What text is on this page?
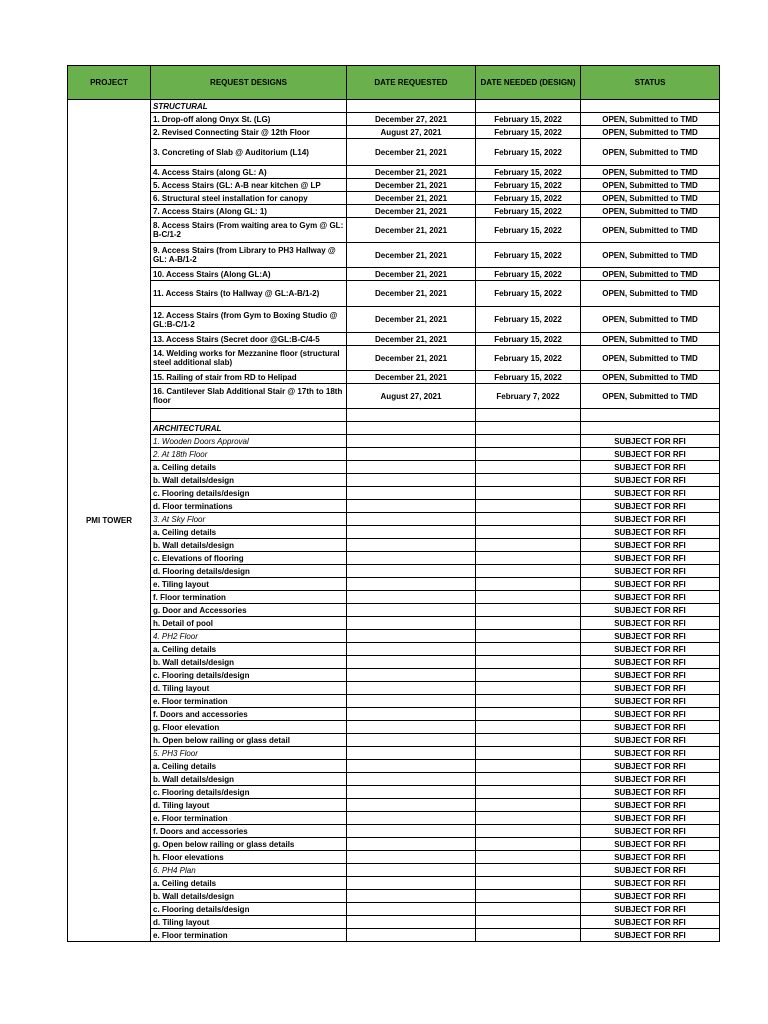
PROJECT	REQUEST DESIGNS	DATE REQUESTED	DATE NEEDED (DESIGN)	STATUS
PMI TOWER	STRUCTURAL			
	1. Drop-off along Onyx St. (LG)	December 27, 2021	February 15, 2022	OPEN, Submitted to TMD
	2. Revised Connecting Stair @ 12th Floor	August 27, 2021	February 15, 2022	OPEN, Submitted to TMD
	3. Concreting of Slab @ Auditorium (L14)	December 21, 2021	February 15, 2022	OPEN, Submitted to TMD
	4. Access Stairs (along GL: A)	December 21, 2021	February 15, 2022	OPEN, Submitted to TMD
	5. Access Stairs (GL: A-B near kitchen @ LP	December 21, 2021	February 15, 2022	OPEN, Submitted to TMD
	6. Structural steel installation for canopy	December 21, 2021	February 15, 2022	OPEN, Submitted to TMD
	7. Access Stairs (Along GL: 1)	December 21, 2021	February 15, 2022	OPEN, Submitted to TMD
	8. Access Stairs (From waiting area to Gym @ GL: B-C/1-2	December 21, 2021	February 15, 2022	OPEN, Submitted to TMD
	9. Access Stairs (from Library to PH3 Hallway @ GL: A-B/1-2	December 21, 2021	February 15, 2022	OPEN, Submitted to TMD
	10. Access Stairs (Along GL:A)	December 21, 2021	February 15, 2022	OPEN, Submitted to TMD
	11. Access Stairs (to Hallway @ GL:A-B/1-2)	December 21, 2021	February 15, 2022	OPEN, Submitted to TMD
	12. Access Stairs (from Gym to Boxing Studio @ GL:B-C/1-2	December 21, 2021	February 15, 2022	OPEN, Submitted to TMD
	13. Access Stairs (Secret door @GL:B-C/4-5	December 21, 2021	February 15, 2022	OPEN, Submitted to TMD
	14. Welding works for Mezzanine floor (structural steel additional slab)	December 21, 2021	February 15, 2022	OPEN, Submitted to TMD
	15. Railing of stair from RD to Helipad	December 21, 2021	February 15, 2022	OPEN, Submitted to TMD
	16. Cantilever Slab Additional Stair @ 17th to 18th floor	August 27, 2021	February 7, 2022	OPEN, Submitted to TMD

	ARCHITECTURAL			
	1. Wooden Doors Approval			SUBJECT FOR RFI
	2. At 18th Floor			SUBJECT FOR RFI
	a. Ceiling details			SUBJECT FOR RFI
	b. Wall details/design			SUBJECT FOR RFI
	c. Flooring details/design			SUBJECT FOR RFI
	d. Floor terminations			SUBJECT FOR RFI
	3. At Sky Floor			SUBJECT FOR RFI
	a. Ceiling details			SUBJECT FOR RFI
	b. Wall details/design			SUBJECT FOR RFI
	c. Elevations of flooring			SUBJECT FOR RFI
	d. Flooring details/design			SUBJECT FOR RFI
	e. Tiling layout			SUBJECT FOR RFI
	f. Floor termination			SUBJECT FOR RFI
	g. Door and Accessories			SUBJECT FOR RFI
	h. Detail of pool			SUBJECT FOR RFI
	4. PH2 Floor			SUBJECT FOR RFI
	a. Ceiling details			SUBJECT FOR RFI
	b. Wall details/design			SUBJECT FOR RFI
	c. Flooring details/design			SUBJECT FOR RFI
	d. Tiling layout			SUBJECT FOR RFI
	e. Floor termination			SUBJECT FOR RFI
	f. Doors and accessories			SUBJECT FOR RFI
	g. Floor elevation			SUBJECT FOR RFI
	h. Open below railing or glass detail			SUBJECT FOR RFI
	5. PH3 Floor			SUBJECT FOR RFI
	a. Ceiling details			SUBJECT FOR RFI
	b. Wall details/design			SUBJECT FOR RFI
	c. Flooring details/design			SUBJECT FOR RFI
	d. Tiling layout			SUBJECT FOR RFI
	e. Floor termination			SUBJECT FOR RFI
	f. Doors and accessories			SUBJECT FOR RFI
	g. Open below railing or glass details			SUBJECT FOR RFI
	h. Floor elevations			SUBJECT FOR RFI
	6. PH4 Plan			SUBJECT FOR RFI
	a. Ceiling details			SUBJECT FOR RFI
	b. Wall details/design			SUBJECT FOR RFI
	c. Flooring details/design			SUBJECT FOR RFI
	d. Tiling layout			SUBJECT FOR RFI
	e. Floor termination			SUBJECT FOR RFI
